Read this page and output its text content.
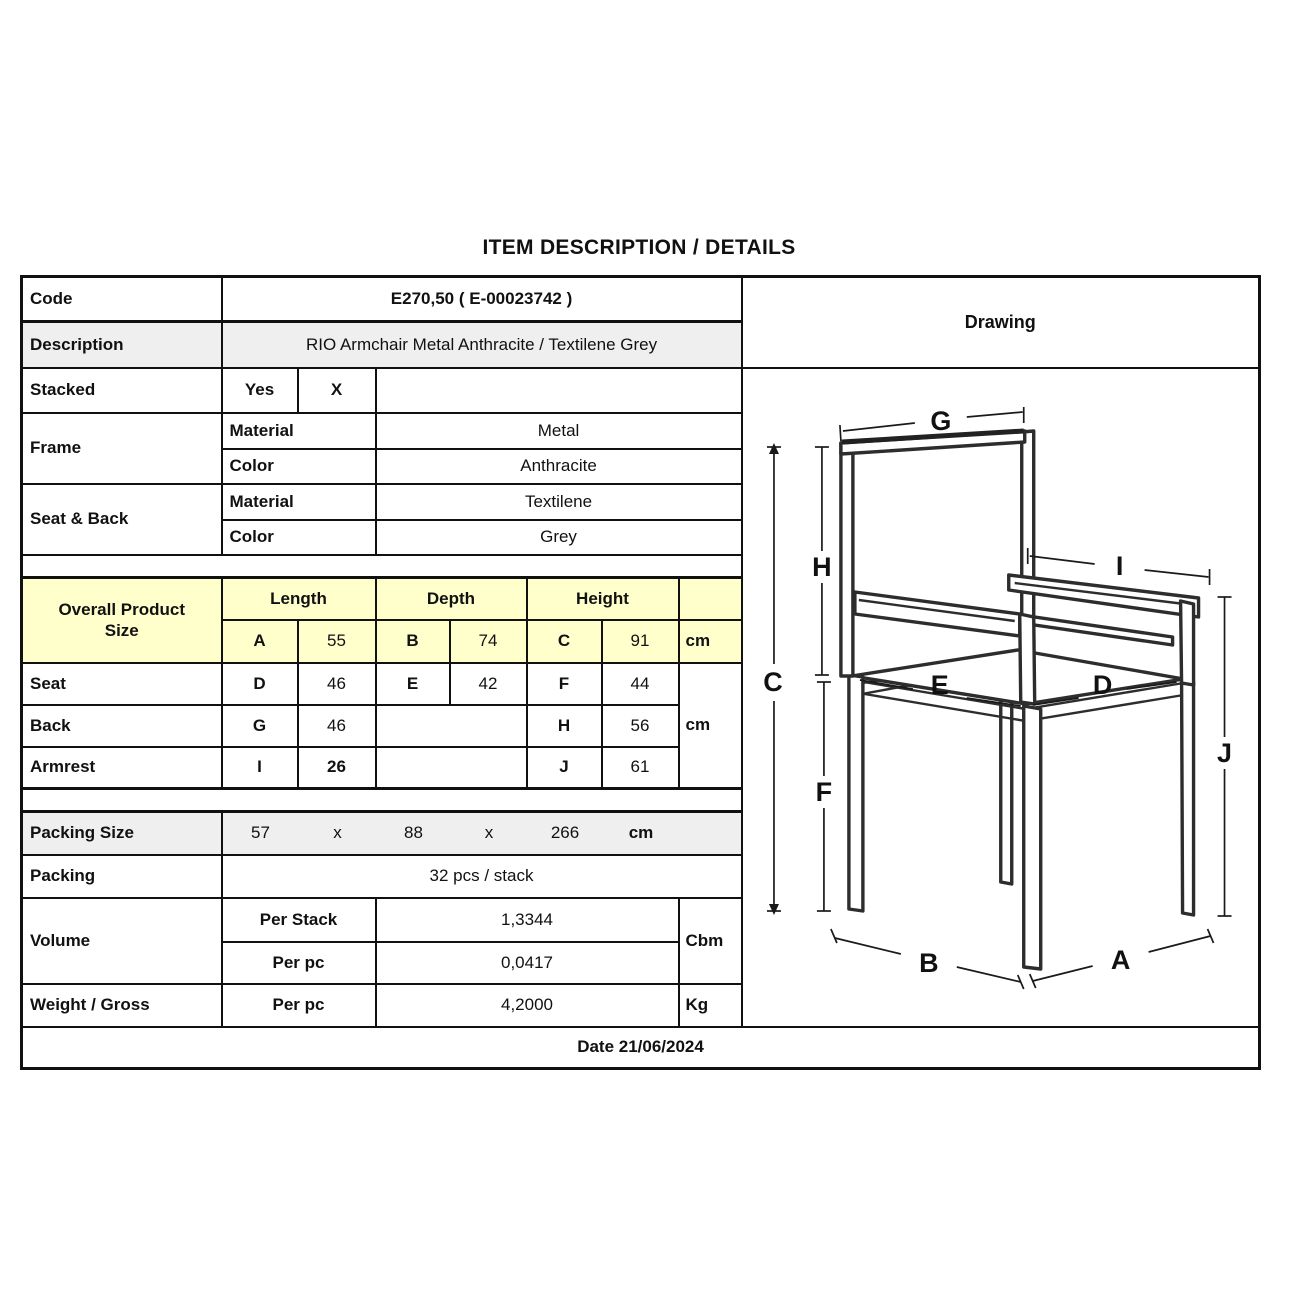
ITEM DESCRIPTION / DETAILS
Code	E270,50 ( E-00023742 )							Drawing
Description	RIO Armchair Metal Anthracite / Textilene Grey							
Stacked	Yes	X		
G
H	I
C	E	D
F
J
B	A

Frame	Material		Metal					
	Color		Anthracite					
Seat & Back	Material		Textilene					
	Color		Grey					

Overall Product Size	Length		Depth		Height			
	A	55	B	74	C	91	cm	
Seat	D	46	E	42	F	44	cm	
Back	G	46			H	56		
Armrest	I	26			J	61		

Packing Size	57	x	88	x	266	cm

Packing	32 pcs / stack							
Volume	Per Stack		1,3344				Cbm	
	Per pc		0,0417					
Weight / Gross	Per pc		4,2000				Kg	
Date 21/06/2024								
